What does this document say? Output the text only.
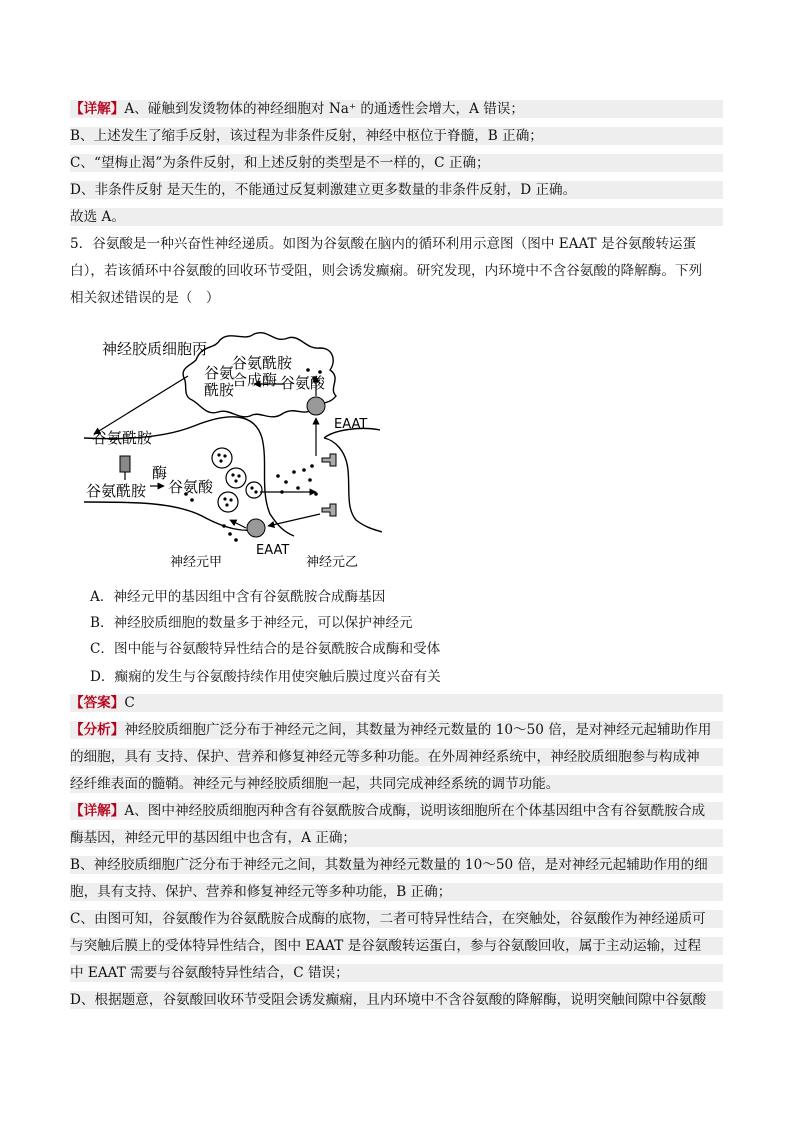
【详解】A、碰触到发烫物体的神经细胞对 Na⁺ 的通透性会增大，A 错误；
B、上述发生了缩手反射，该过程为非条件反射，神经中枢位于脊髓，B 正确；
C、“望梅止渴”为条件反射，和上述反射的类型是不一样的，C 正确；
D、非条件反射 是天生的，不能通过反复刺激建立更多数量的非条件反射，D 正确。
故选 A。
5．谷氨酸是一种兴奋性神经递质。如图为谷氨酸在脑内的循环利用示意图（图中 EAAT 是谷氨酸转运蛋
白），若该循环中谷氨酸的回收环节受阻，则会诱发癫痫。研究发现，内环境中不含谷氨酸的降解酶。下列
相关叙述错误的是（　）
神经胶质细胞丙
谷氨酰胺
合成酶
谷氨
酰胺	谷氨酸
EAAT
谷氨酰胺
酶
谷氨酰胺 谷氨酸
EAAT
神经元甲	神经元乙
A．神经元甲的基因组中含有谷氨酰胺合成酶基因
B．神经胶质细胞的数量多于神经元，可以保护神经元
C．图中能与谷氨酸特异性结合的是谷氨酰胺合成酶和受体
D．癫痫的发生与谷氨酸持续作用使突触后膜过度兴奋有关
【答案】C
【分析】神经胶质细胞广泛分布于神经元之间，其数量为神经元数量的 10～50 倍，是对神经元起辅助作用
的细胞，具有 支持、保护、营养和修复神经元等多种功能。在外周神经系统中，神经胶质细胞参与构成神
经纤维表面的髓鞘。神经元与神经胶质细胞一起，共同完成神经系统的调节功能。
【详解】A、图中神经胶质细胞丙种含有谷氨酰胺合成酶，说明该细胞所在个体基因组中含有谷氨酰胺合成
酶基因，神经元甲的基因组中也含有，A 正确；
B、神经胶质细胞广泛分布于神经元之间，其数量为神经元数量的 10～50 倍，是对神经元起辅助作用的细
胞，具有支持、保护、营养和修复神经元等多种功能，B 正确；
C、由图可知，谷氨酸作为谷氨酰胺合成酶的底物，二者可特异性结合，在突触处，谷氨酸作为神经递质可
与突触后膜上的受体特异性结合，图中 EAAT 是谷氨酸转运蛋白，参与谷氨酸回收，属于主动运输，过程
中 EAAT 需要与谷氨酸特异性结合，C 错误；
D、根据题意，谷氨酸回收环节受阻会诱发癫痫，且内环境中不含谷氨酸的降解酶，说明突触间隙中谷氨酸
